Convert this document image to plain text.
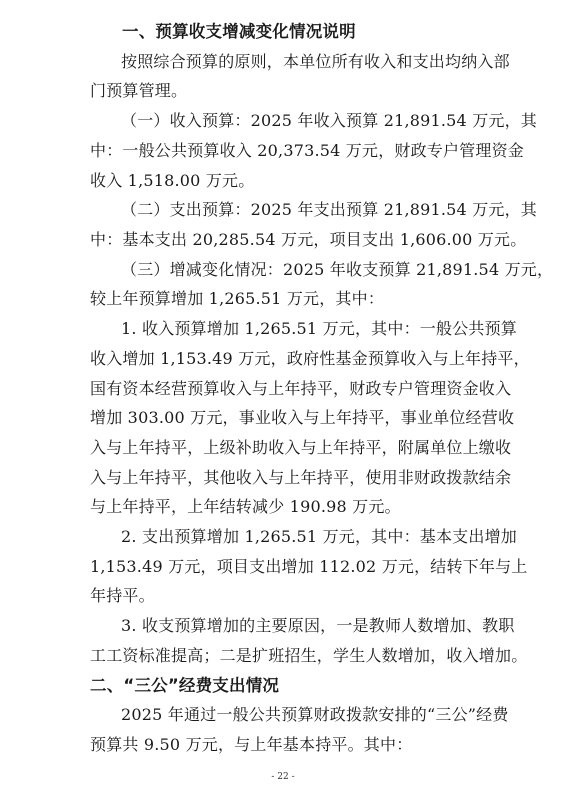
一、预算收支增减变化情况说明
按照综合预算的原则，本单位所有收入和支出均纳入部
门预算管理。
（一）收入预算：2025 年收入预算 21,891.54 万元，其
中：一般公共预算收入 20,373.54 万元，财政专户管理资金
收入 1,518.00 万元。
（二）支出预算：2025 年支出预算 21,891.54 万元，其
中：基本支出 20,285.54 万元，项目支出 1,606.00 万元。
（三）增减变化情况：2025 年收支预算 21,891.54 万元，
较上年预算增加 1,265.51 万元，其中：
1. 收入预算增加 1,265.51 万元，其中：一般公共预算
收入增加 1,153.49 万元，政府性基金预算收入与上年持平，
国有资本经营预算收入与上年持平，财政专户管理资金收入
增加 303.00 万元，事业收入与上年持平，事业单位经营收
入与上年持平，上级补助收入与上年持平，附属单位上缴收
入与上年持平，其他收入与上年持平，使用非财政拨款结余
与上年持平，上年结转减少 190.98 万元。
2. 支出预算增加 1,265.51 万元，其中：基本支出增加
1,153.49 万元，项目支出增加 112.02 万元，结转下年与上
年持平。
3. 收支预算增加的主要原因，一是教师人数增加、教职
工工资标准提高；二是扩班招生，学生人数增加，收入增加。
二、“三公”经费支出情况
2025 年通过一般公共预算财政拨款安排的“三公”经费
预算共 9.50 万元，与上年基本持平。其中：
- 22 -
